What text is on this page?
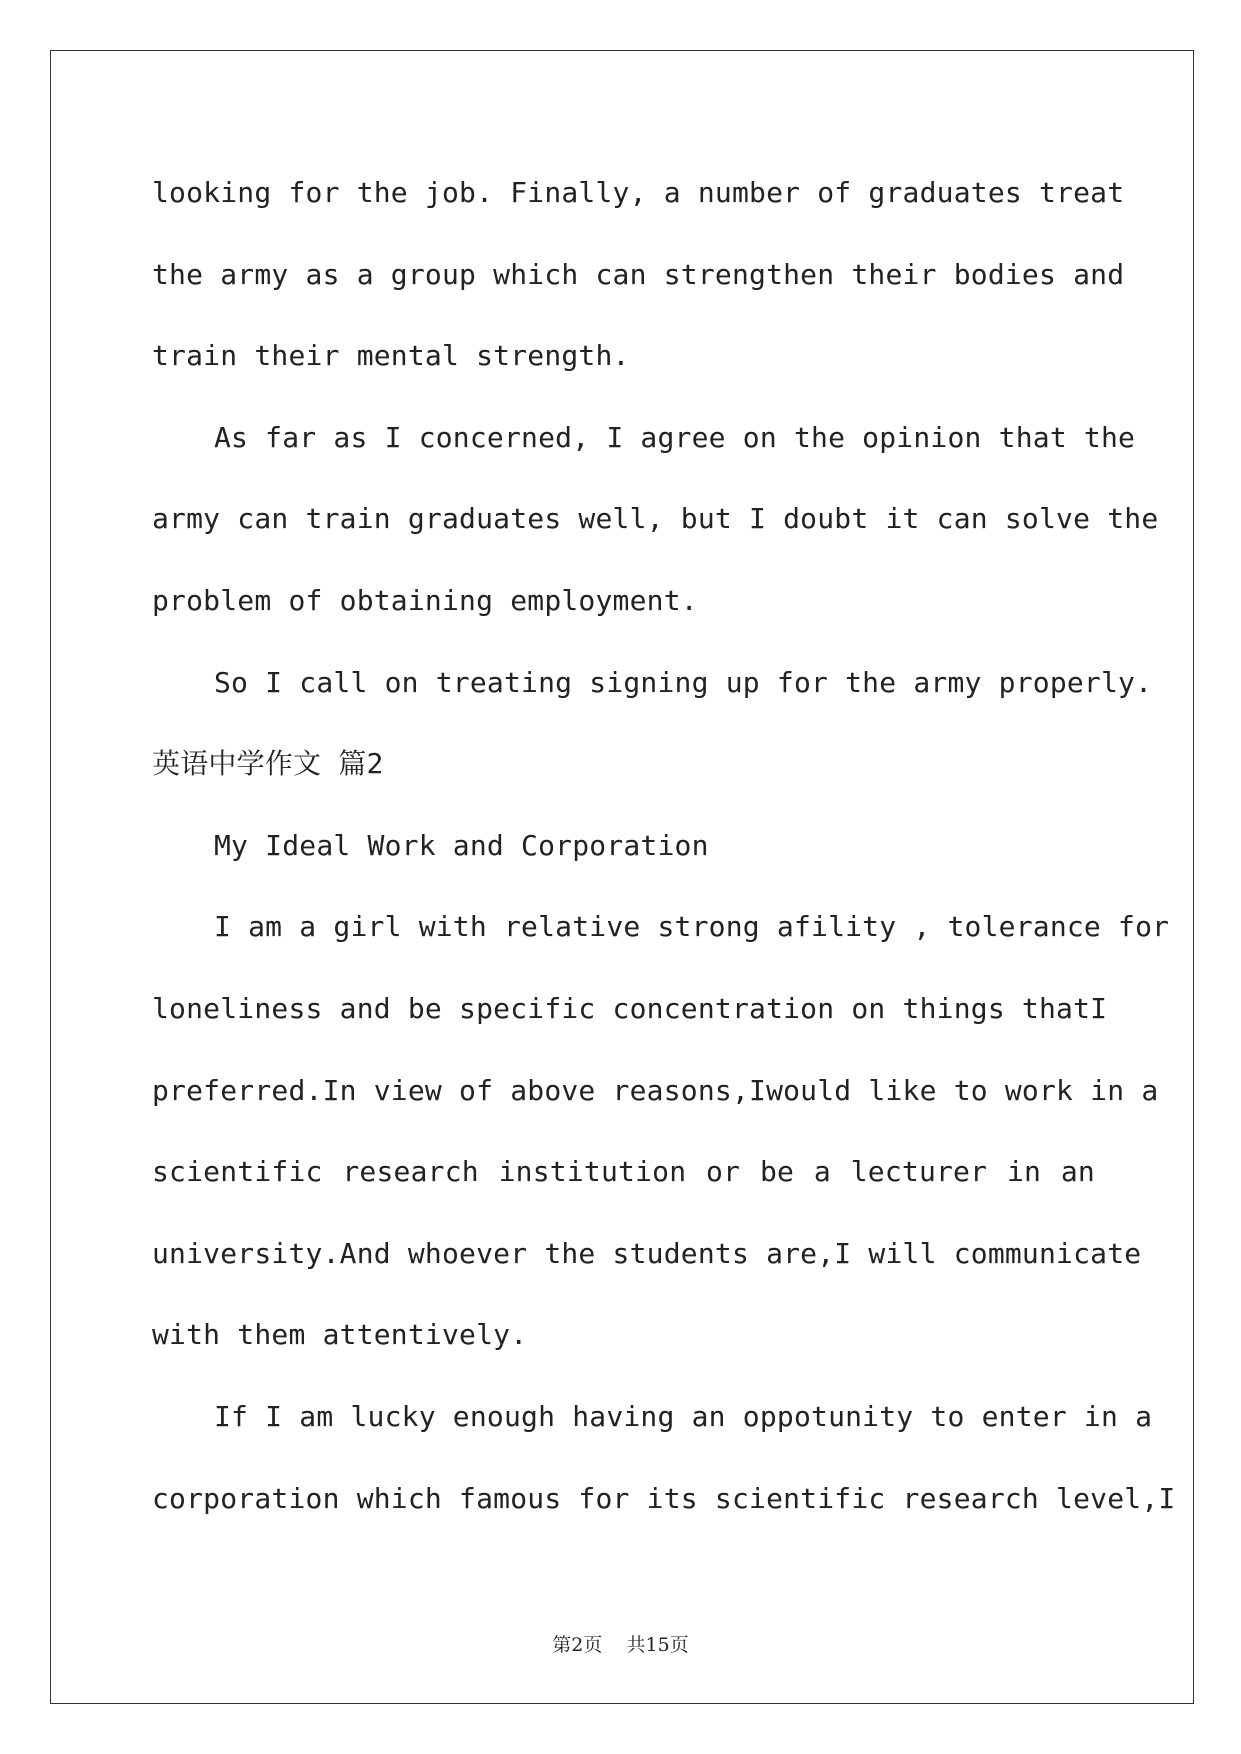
looking for the job. Finally, a number of graduates treat
the army as a group which can strengthen their bodies and
train their mental strength.
As far as I concerned, I agree on the opinion that the
army can train graduates well, but I doubt it can solve the
problem of obtaining employment.
So I call on treating signing up for the army properly.
英语中学作文 篇2
My Ideal Work and Corporation
I am a girl with relative strong afility , tolerance for
loneliness and be specific concentration on things thatI
preferred.In view of above reasons,Iwould like to work in a
scientific research institution or be a lecturer in an
university.And whoever the students are,I will communicate
with them attentively.
If I am lucky enough having an oppotunity to enter in a
corporation which famous for its scientific research level,I
第2页    共15页
